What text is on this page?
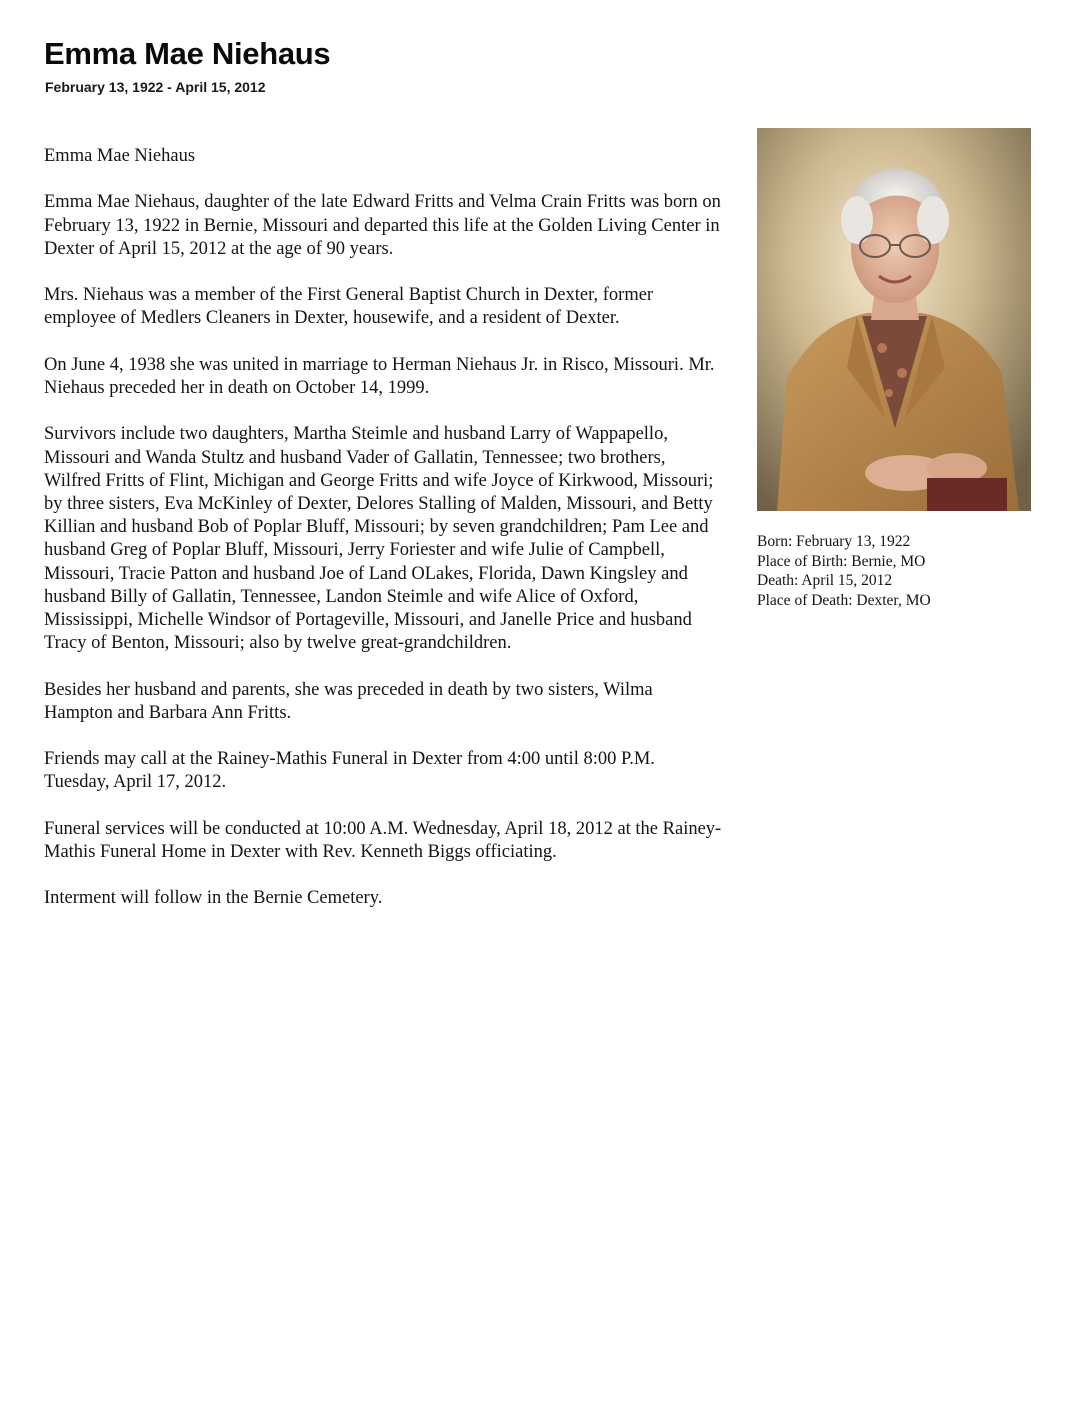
Emma Mae Niehaus
February 13, 1922 - April 15, 2012

Emma Mae Niehaus

Emma Mae Niehaus, daughter of the late Edward Fritts and Velma Crain Fritts was born on February 13, 1922 in Bernie, Missouri and departed this life at the Golden Living Center in Dexter of April 15, 2012 at the age of 90 years.

Mrs. Niehaus was a member of the First General Baptist Church in Dexter, former employee of Medlers Cleaners in Dexter, housewife, and a resident of Dexter.

On June 4, 1938 she was united in marriage to Herman Niehaus Jr. in Risco, Missouri. Mr. Niehaus preceded her in death on October 14, 1999.

Survivors include two daughters, Martha Steimle and husband Larry of Wappapello, Missouri and Wanda Stultz and husband Vader of Gallatin, Tennessee; two brothers, Wilfred Fritts of Flint, Michigan and George Fritts and wife Joyce of Kirkwood, Missouri; by three sisters, Eva McKinley of Dexter, Delores Stalling of Malden, Missouri, and Betty Killian and husband Bob of Poplar Bluff, Missouri; by seven grandchildren; Pam Lee and husband Greg of Poplar Bluff, Missouri, Jerry Foriester and wife Julie of Campbell, Missouri, Tracie Patton and husband Joe of Land OLakes, Florida, Dawn Kingsley and husband Billy of Gallatin, Tennessee, Landon Steimle and wife Alice of Oxford, Mississippi, Michelle Windsor of Portageville, Missouri, and Janelle Price and husband Tracy of Benton, Missouri; also by twelve great-grandchildren.

Besides her husband and parents, she was preceded in death by two sisters, Wilma Hampton and Barbara Ann Fritts.

Friends may call at the Rainey-Mathis Funeral in Dexter from 4:00 until 8:00 P.M. Tuesday, April 17, 2012.

Funeral services will be conducted at 10:00 A.M. Wednesday, April 18, 2012 at the Rainey-Mathis Funeral Home in Dexter with Rev. Kenneth Biggs officiating.

Interment will follow in the Bernie Cemetery.

Born: February 13, 1922
Place of Birth: Bernie, MO
Death: April 15, 2012
Place of Death: Dexter, MO
